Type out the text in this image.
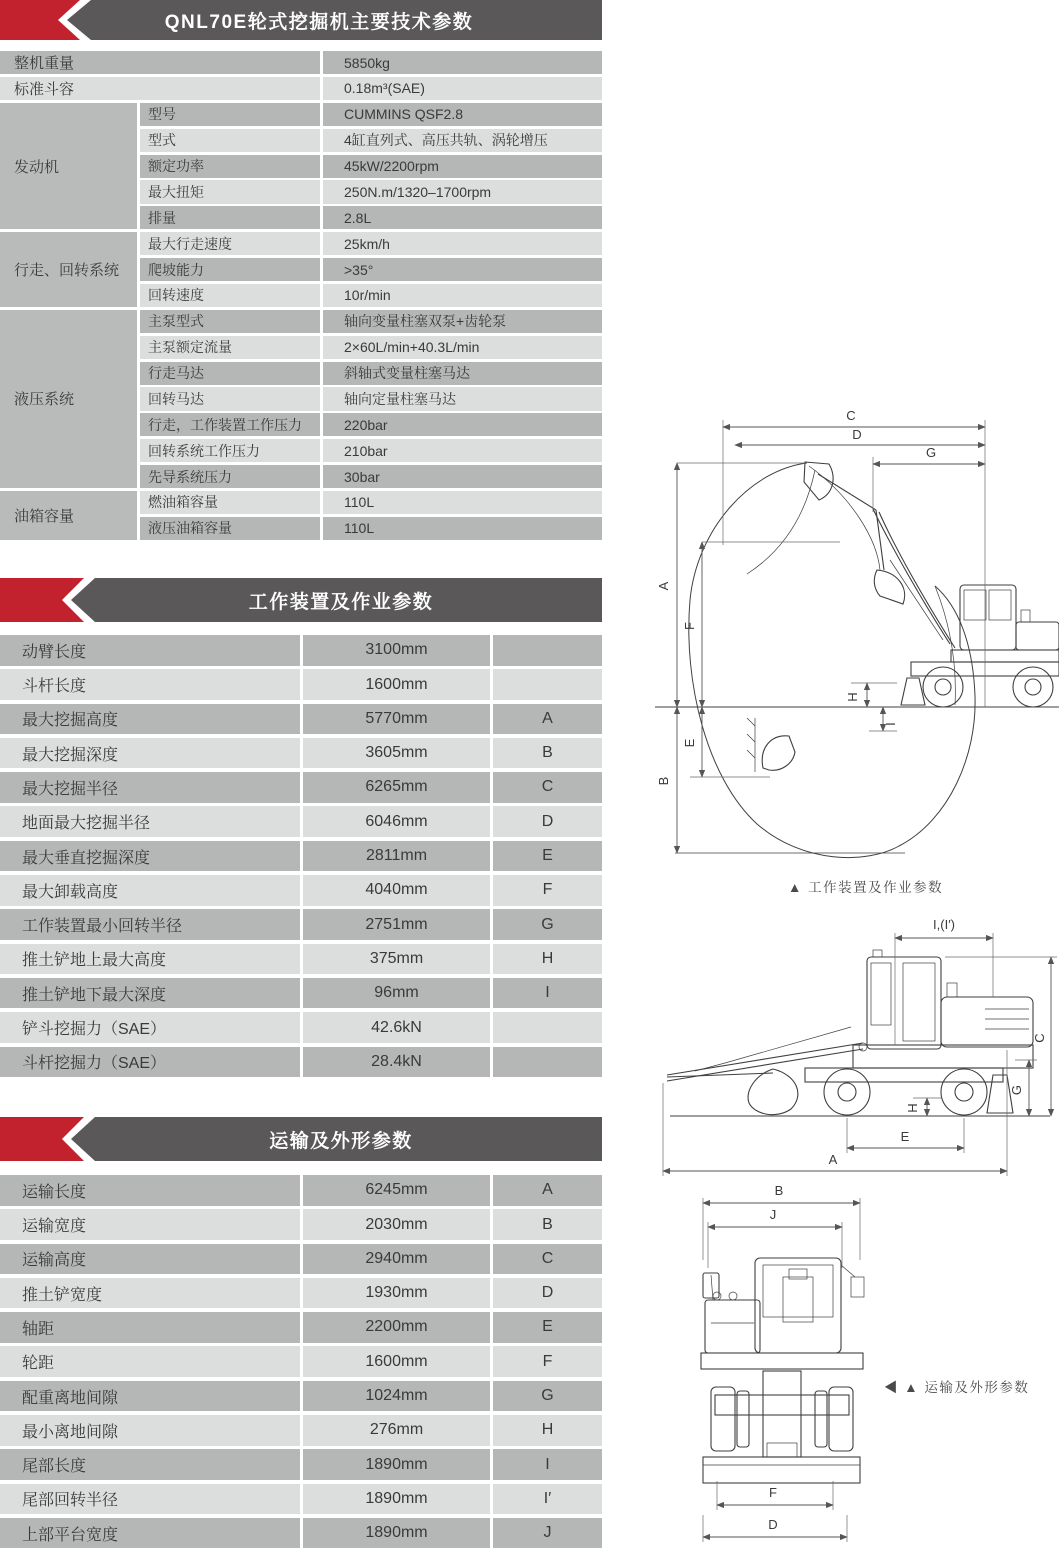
QNL70E轮式挖掘机主要技术参数
整机重量	5850kg
标准斗容	0.18m³(SAE)
发动机
型号	CUMMINS QSF2.8
型式	4缸直列式、高压共轨、涡轮增压
额定功率	45kW/2200rpm
最大扭矩	250N.m/1320–1700rpm
排量	2.8L
行走、回转系统
最大行走速度	25km/h
爬坡能力	>35°
回转速度	10r/min
液压系统
主泵型式	轴向变量柱塞双泵+齿轮泵
主泵额定流量	2×60L/min+40.3L/min
行走马达	斜轴式变量柱塞马达
回转马达	轴向定量柱塞马达
行走，工作装置工作压力	220bar
回转系统工作压力	210bar
先导系统压力	30bar
油箱容量
燃油箱容量	110L
液压油箱容量	110L
工作装置及作业参数
动臂长度	3100mm
斗杆长度	1600mm
最大挖掘高度	5770mm	A
最大挖掘深度	3605mm	B
最大挖掘半径	6265mm	C
地面最大挖掘半径	6046mm	D
最大垂直挖掘深度	2811mm	E
最大卸载高度	4040mm	F
工作装置最小回转半径	2751mm	G
推土铲地上最大高度	375mm	H
推土铲地下最大深度	96mm	I
铲斗挖掘力（SAE）	42.6kN
斗杆挖掘力（SAE）	28.4kN
运输及外形参数
运输长度	6245mm	A
运输宽度	2030mm	B
运输高度	2940mm	C
推土铲宽度	1930mm	D
轴距	2200mm	E
轮距	1600mm	F
配重离地间隙	1024mm	G
最小离地间隙	276mm	H
尾部长度	1890mm	I
尾部回转半径	1890mm	I′
上部平台宽度	1890mm	J
C
D
G
A
F
E
B
H
I
▲ 工作装置及作业参数
I,(I′)
C
G
H
E
A
B
J
F
D
◀ ▲ 运输及外形参数
